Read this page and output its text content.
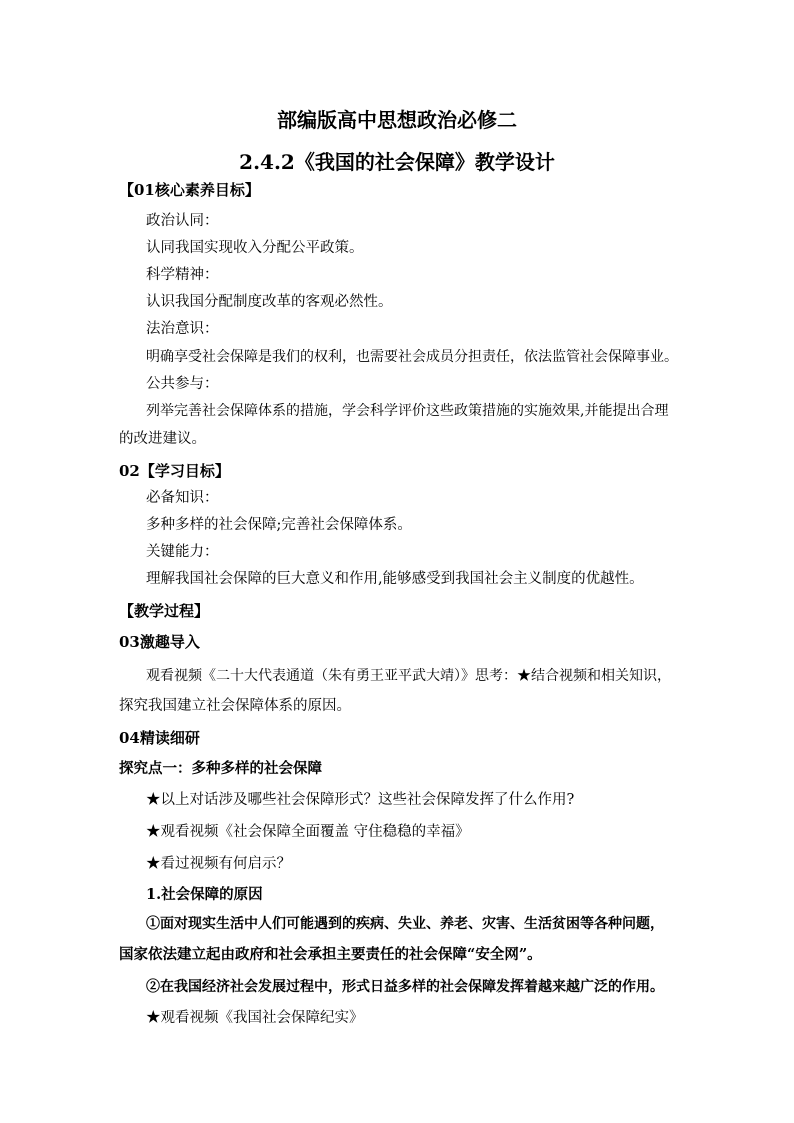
部编版高中思想政治必修二
2.4.2《我国的社会保障》教学设计
【01核心素养目标】
政治认同：
认同我国实现收入分配公平政策。
科学精神：
认识我国分配制度改革的客观必然性。
法治意识：
明确享受社会保障是我们的权利，也需要社会成员分担责任，依法监管社会保障事业。
公共参与：
列举完善社会保障体系的措施，学会科学评价这些政策措施的实施效果,并能提出合理
的改进建议。
02【学习目标】
必备知识：
多种多样的社会保障;完善社会保障体系。
关键能力：
理解我国社会保障的巨大意义和作用,能够感受到我国社会主义制度的优越性。
【教学过程】
03激趣导入
观看视频《二十大代表通道（朱有勇王亚平武大靖）》思考：★结合视频和相关知识，
探究我国建立社会保障体系的原因。
04精读细研
探究点一：多种多样的社会保障
★以上对话涉及哪些社会保障形式？这些社会保障发挥了什么作用?
★观看视频《社会保障全面覆盖 守住稳稳的幸福》
★看过视频有何启示？
1.社会保障的原因
①面对现实生活中人们可能遇到的疾病、失业、养老、灾害、生活贫困等各种问题，
国家依法建立起由政府和社会承担主要责任的社会保障“安全网”。
②在我国经济社会发展过程中，形式日益多样的社会保障发挥着越来越广泛的作用。
★观看视频《我国社会保障纪实》
